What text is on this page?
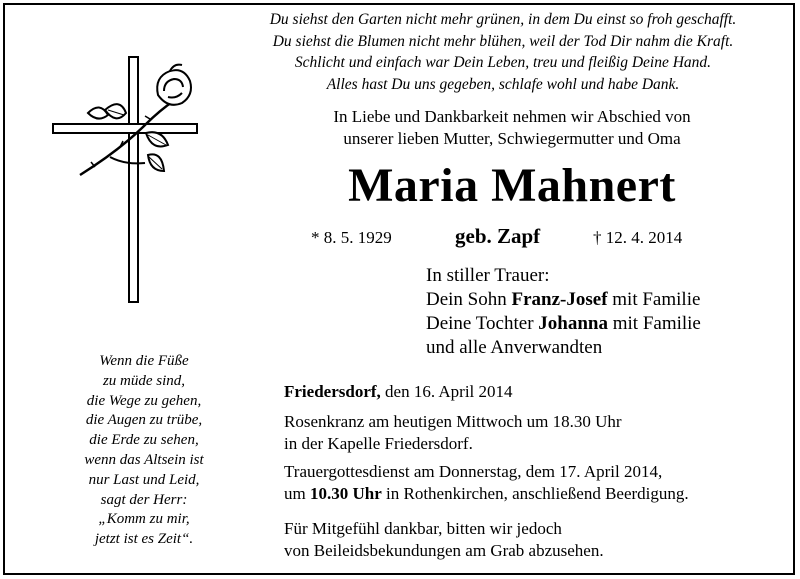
Du siehst den Garten nicht mehr grünen, in dem Du einst so froh geschafft.
Du siehst die Blumen nicht mehr blühen, weil der Tod Dir nahm die Kraft.
Schlicht und einfach war Dein Leben, treu und fleißig Deine Hand.
Alles hast Du uns gegeben, schlafe wohl und habe Dank.
In Liebe und Dankbarkeit nehmen wir Abschied von
unserer lieben Mutter, Schwiegermutter und Oma
Maria Mahnert
* 8. 5. 1929	geb. Zapf	† 12. 4. 2014
In stiller Trauer:
Dein Sohn Franz-Josef mit Familie
Deine Tochter Johanna mit Familie
und alle Anverwandten
Wenn die Füße
zu müde sind,
die Wege zu gehen,
die Augen zu trübe,
die Erde zu sehen,
wenn das Altsein ist
nur Last und Leid,
sagt der Herr:
„Komm zu mir,
jetzt ist es Zeit“.
Friedersdorf, den 16. April 2014
Rosenkranz am heutigen Mittwoch um 18.30 Uhr
in der Kapelle Friedersdorf.
Trauergottesdienst am Donnerstag, dem 17. April 2014,
um 10.30 Uhr in Rothenkirchen, anschließend Beerdigung.
Für Mitgefühl dankbar, bitten wir jedoch
von Beileidsbekundungen am Grab abzusehen.
